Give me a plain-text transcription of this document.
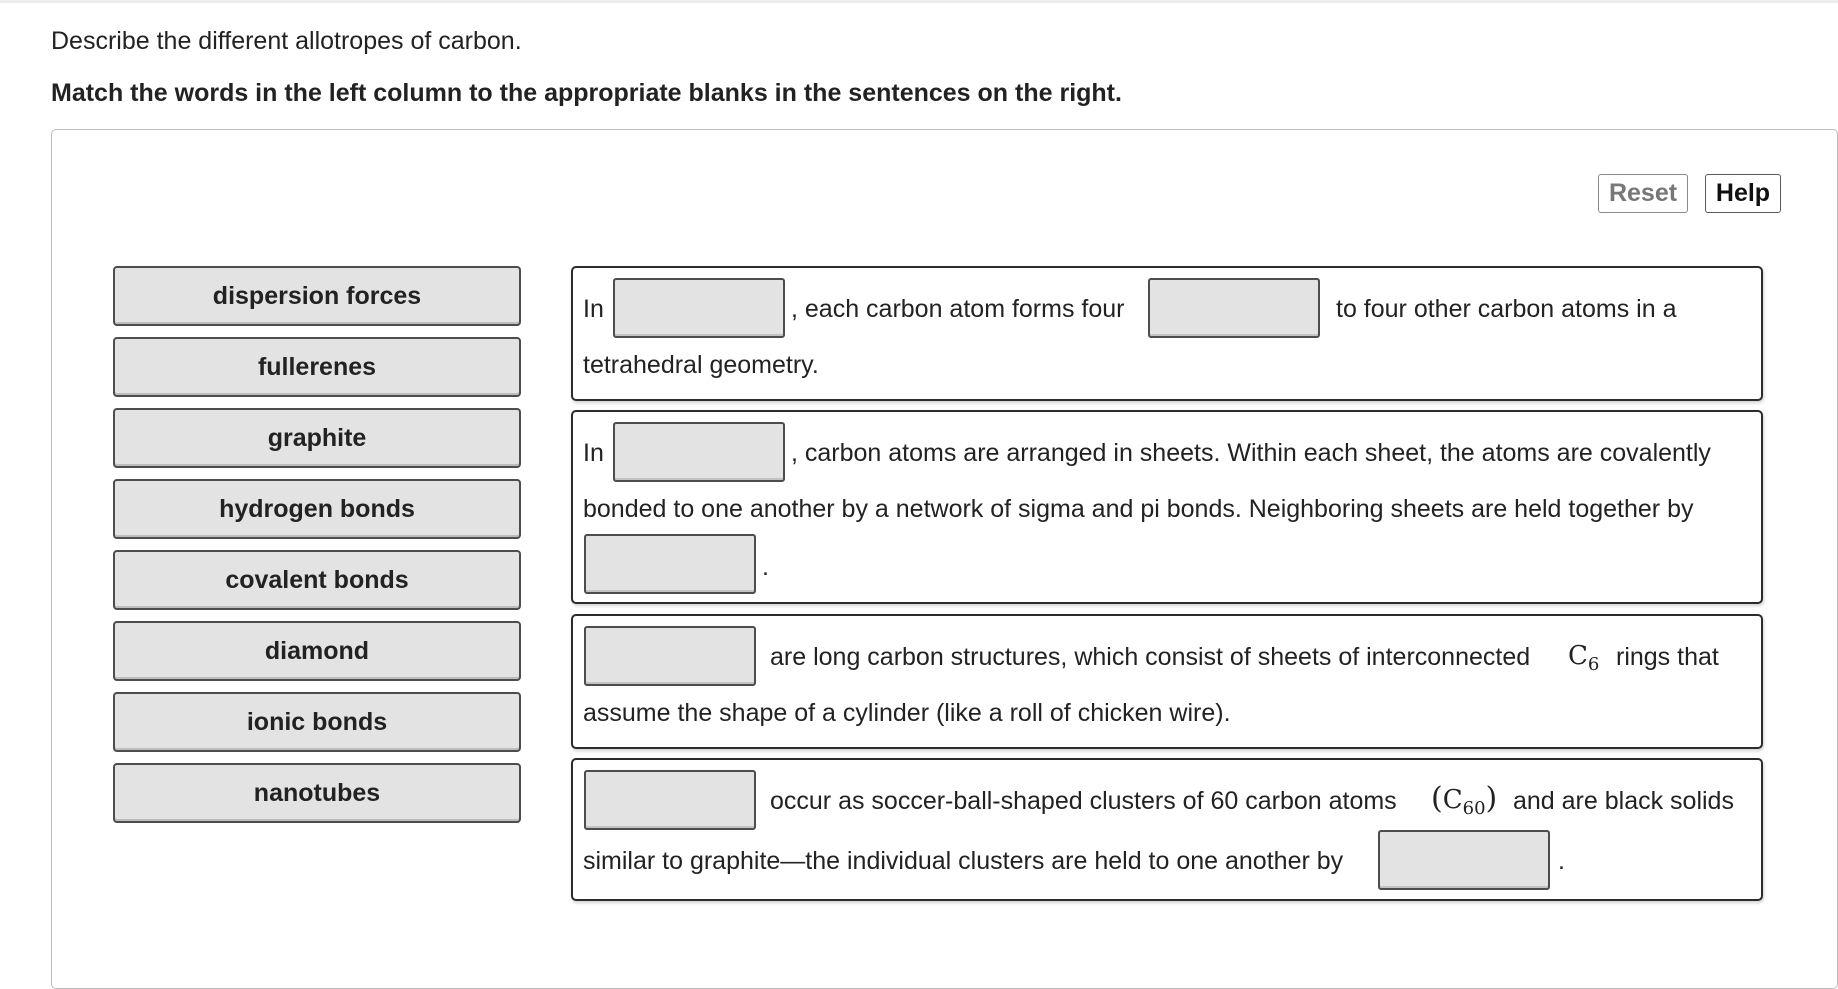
Describe the different allotropes of carbon.

Match the words in the left column to the appropriate blanks in the sentences on the right.

Reset	Help
dispersion forces
fullerenes
graphite
hydrogen bonds
covalent bonds
diamond
ionic bonds
nanotubes
In	, each carbon atom forms four	to four other carbon atoms in a
tetrahedral geometry.
In	, carbon atoms are arranged in sheets. Within each sheet, the atoms are covalently
bonded to one another by a network of sigma and pi bonds. Neighboring sheets are held together by
.
are long carbon structures, which consist of sheets of interconnected $C_6$ rings that
assume the shape of a cylinder (like a roll of chicken wire).
occur as soccer-ball-shaped clusters of 60 carbon atoms $(C_{60})$ and are black solids
similar to graphite—the individual clusters are held to one another by	.
